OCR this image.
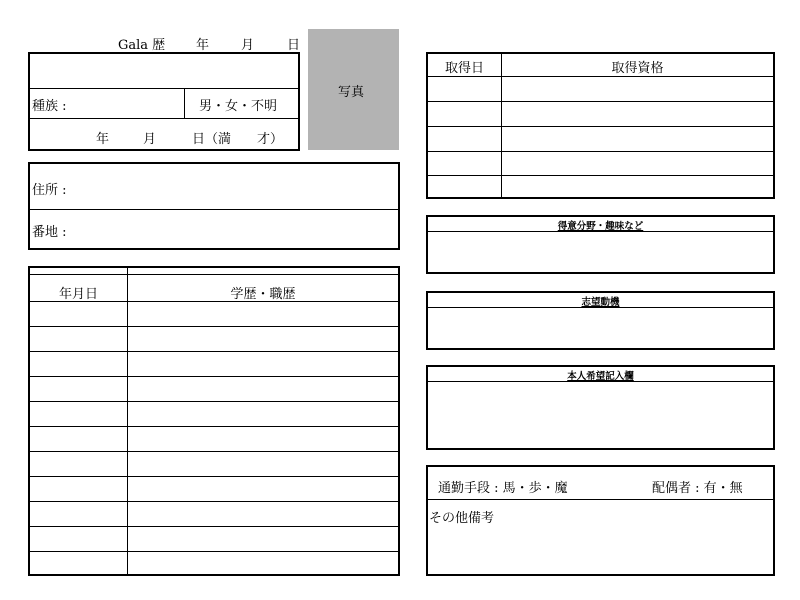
Gala 歴 年 月	日
種族 :	男・女・不明
年	月	日（満　　才）
写真
住所 :
番地 :
年月日	学歴・職歴
取得日	取得資格
得意分野・趣味など
志望動機
本人希望記入欄
通勤手段 : 馬・歩・魔	配偶者 : 有・無
その他備考
